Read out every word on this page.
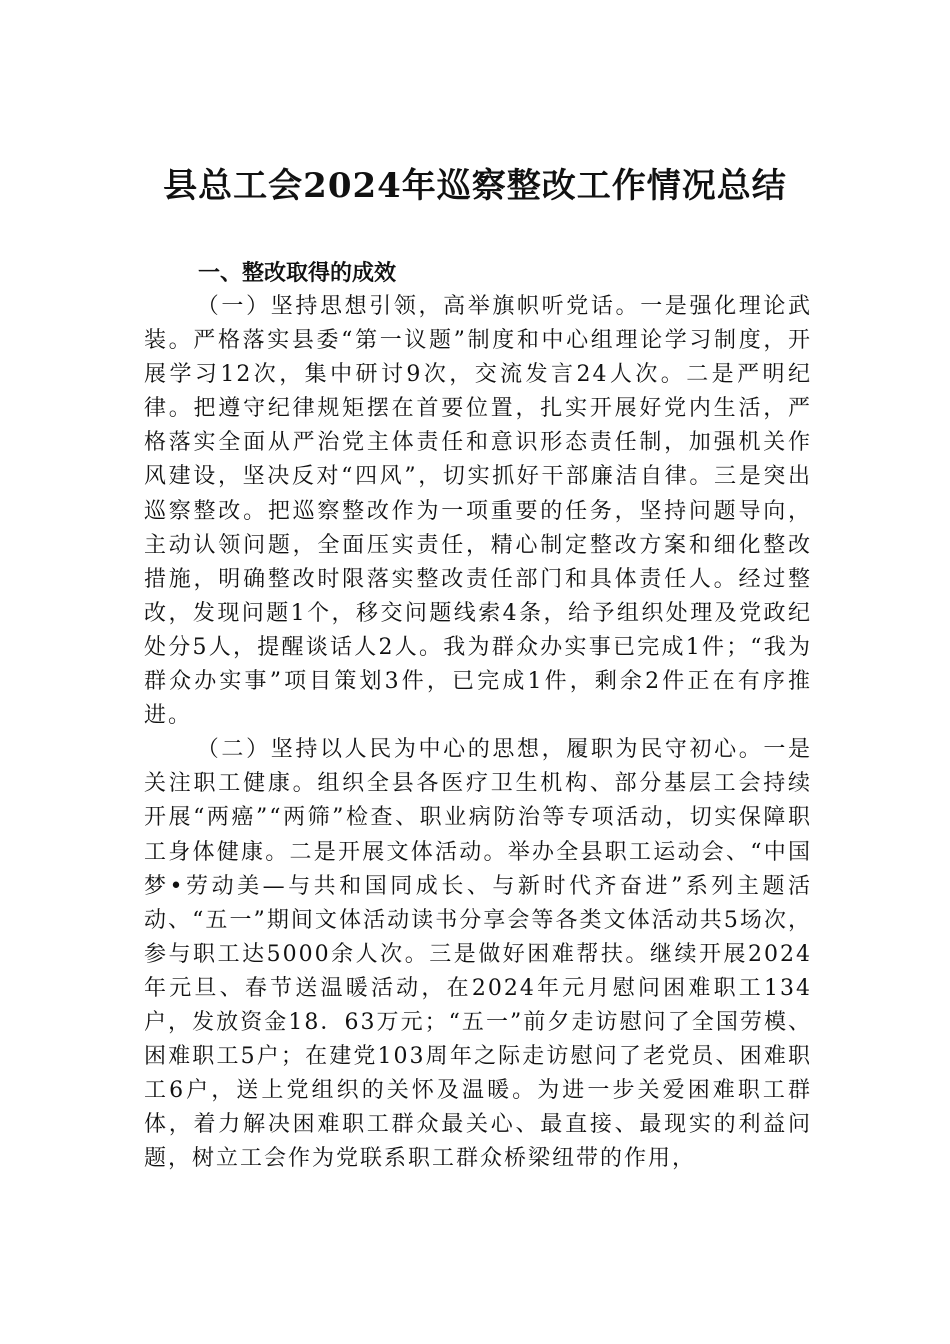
县总工会2024年巡察整改工作情况总结
一、整改取得的成效

（一）坚持思想引领，高举旗帜听党话。一是强化理论武装。严格落实县委“第一议题”制度和中心组理论学习制度，开展学习12次，集中研讨9次，交流发言24人次。二是严明纪律。把遵守纪律规矩摆在首要位置，扎实开展好党内生活，严格落实全面从严治党主体责任和意识形态责任制，加强机关作风建设，坚决反对“四风”，切实抓好干部廉洁自律。三是突出巡察整改。把巡察整改作为一项重要的任务，坚持问题导向，主动认领问题，全面压实责任，精心制定整改方案和细化整改措施，明确整改时限落实整改责任部门和具体责任人。经过整改，发现问题1个，移交问题线索4条，给予组织处理及党政纪处分5人，提醒谈话人2人。我为群众办实事已完成1件；“我为群众办实事”项目策划3件，已完成1件，剩余2件正在有序推进。

（二）坚持以人民为中心的思想，履职为民守初心。一是关注职工健康。组织全县各医疗卫生机构、部分基层工会持续开展“两癌”“两筛”检查、职业病防治等专项活动，切实保障职工身体健康。二是开展文体活动。举办全县职工运动会、“中国梦•劳动美—与共和国同成长、与新时代齐奋进”系列主题活动、“五一”期间文体活动读书分享会等各类文体活动共5场次，参与职工达5000余人次。三是做好困难帮扶。继续开展2024年元旦、春节送温暖活动，在2024年元月慰问困难职工134户，发放资金18．63万元；“五一”前夕走访慰问了全国劳模、困难职工5户；在建党103周年之际走访慰问了老党员、困难职工6户，送上党组织的关怀及温暖。为进一步关爱困难职工群体，着力解决困难职工群众最关心、最直接、最现实的利益问题，树立工会作为党联系职工群众桥梁纽带的作用，
